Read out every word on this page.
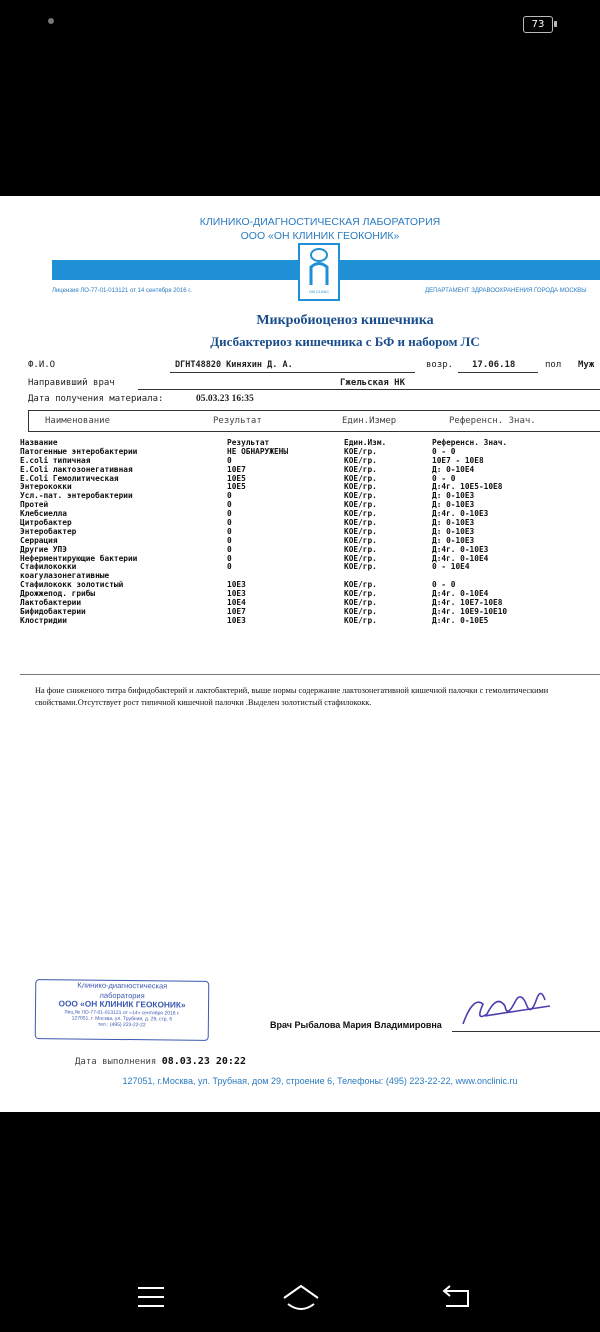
73
КЛИНИКО-ДИАГНОСТИЧЕСКАЯ ЛАБОРАТОРИЯ
ООО «ОН КЛИНИК ГЕОКОНИК»
ON CLINIC
Лицензия ЛО-77-01-013121 от 14 сентября 2016 г.	ДЕПАРТАМЕНТ ЗДРАВООХРАНЕНИЯ ГОРОДА МОСКВЫ
Микробиоценоз кишечника
Дисбактериоз кишечника с БФ и набором ЛС
Ф.И.О	DГНТ48820 Киняхин Д. А.	возр. 17.06.18	пол Муж
Направивший врач	Гжельская НК
Дата получения материала:	05.03.23 16:35
Наименование	Результат	Един.Измер	Референсн. Знач.
Название	Результат	Един.Изм.	Референсн. Знач.
Патогенные энтеробактерии	НЕ ОБНАРУЖЕНЫ	КОЕ/гр.	0 - 0
E.coli типичная	0	КОЕ/гр.	10E7 - 10E8
E.Coli лактозонегативная	10E7	КОЕ/гр.	Д: 0-10E4
E.Coli Гемолитическая	10E5	КОЕ/гр.	0 - 0
Энтерококки	10E5	КОЕ/гр.	Д:4г. 10E5-10E8
Усл.-пат. энтеробактерии	0	КОЕ/гр.	Д: 0-10E3
Протей	0	КОЕ/гр.	Д: 0-10E3
Клебсиелла	0	КОЕ/гр.	Д:4г. 0-10E3
Цитробактер	0	КОЕ/гр.	Д: 0-10E3
Энтеробактер	0	КОЕ/гр.	Д: 0-10E3
Серрация	0	КОЕ/гр.	Д: 0-10E3
Другие УПЭ	0	КОЕ/гр.	Д:4г. 0-10E3
Неферментирующие бактерии	0	КОЕ/гр.	Д:4г. 0-10E4
Стафилококки	0	КОЕ/гр.	0 - 10E4
коагулазонегативные
Стафилококк золотистый	10E3	КОЕ/гр.	0 - 0
Дрожжепод. грибы	10E3	КОЕ/гр.	Д:4г. 0-10E4
Лактобактерии	10E4	КОЕ/гр.	Д:4г. 10E7-10E8
Бифидобактерии	10E7	КОЕ/гр.	Д:4г. 10E9-10E10
Клостридии	10E3	КОЕ/гр.	Д:4г. 0-10E5
На фоне сниженого титра бифидобактерий и лактобактерий, выше нормы содержание лактозонегативной кишечной палочки с гемолитическими свойствами.Отсутствует рост типичной кишечной палочки .Выделен золотистый стафилококк.
Клинико-диагностическая
лаборатория
ООО «ОН КЛИНИК ГЕОКОНИК»
Лиц.№ ЛО-77-01-013121 от «14» сентября 2016 г.
127051, г. Москва, ул. Трубная, д. 29, стр. 6
тел.: (495) 223-22-22	Врач Рыбалова Мария Владимировна
Дата выполнения 08.03.23 20:22
127051, г.Москва, ул. Трубная, дом 29, строение 6, Телефоны: (495) 223-22-22, www.onclinic.ru
